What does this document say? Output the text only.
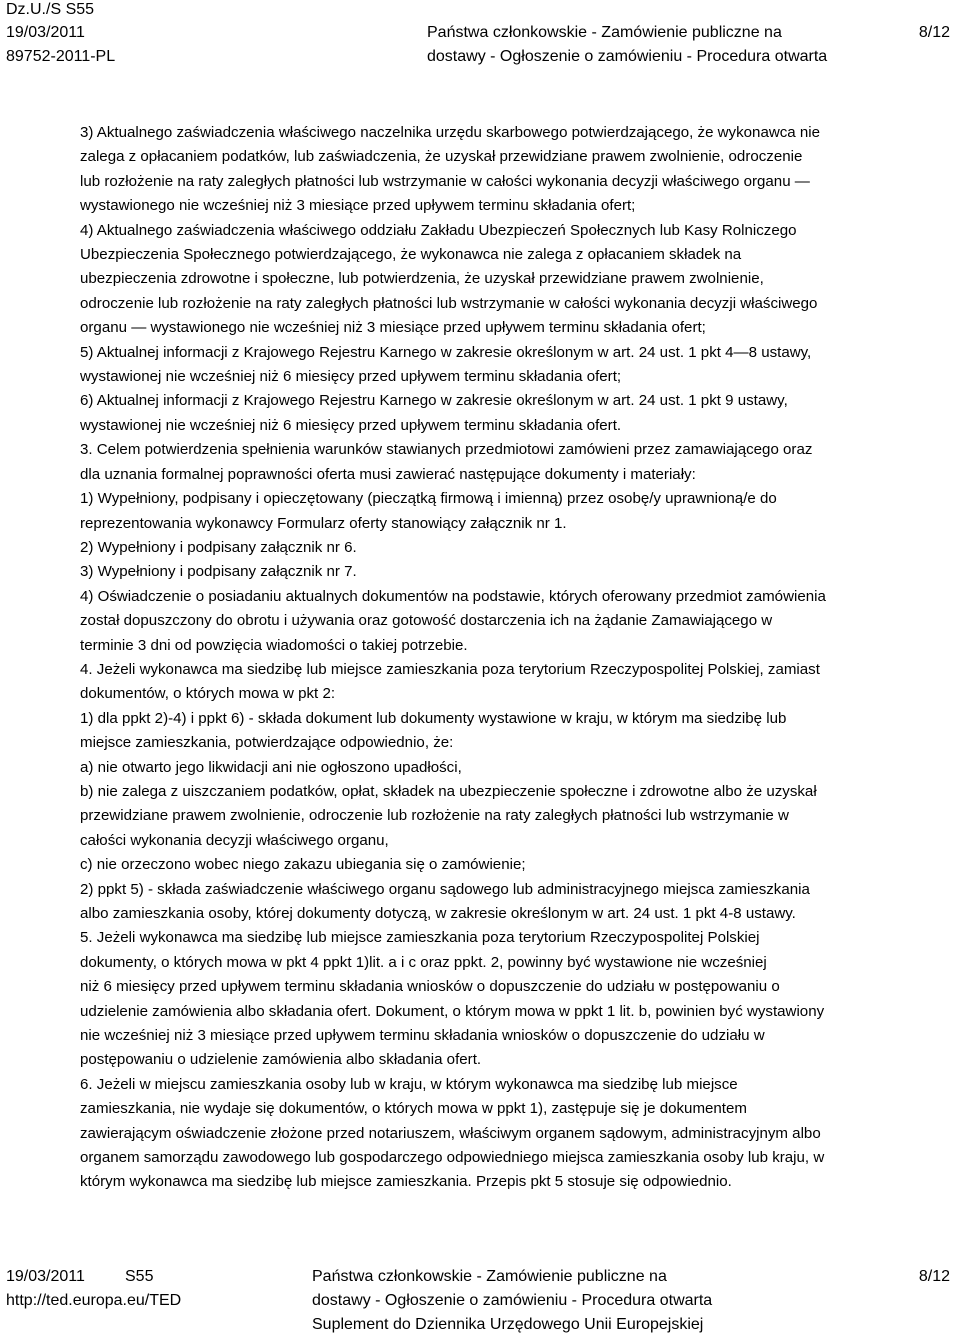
Dz.U./S S55
19/03/2011
89752-2011-PL
Państwa członkowskie - Zamówienie publiczne na
dostawy - Ogłoszenie o zamówieniu - Procedura otwarta
8/12

3) Aktualnego zaświadczenia właściwego naczelnika urzędu skarbowego potwierdzającego, że wykonawca nie

zalega z opłacaniem podatków, lub zaświadczenia, że uzyskał przewidziane prawem zwolnienie, odroczenie

lub rozłożenie na raty zaległych płatności lub wstrzymanie w całości wykonania decyzji właściwego organu —

wystawionego nie wcześniej niż 3 miesiące przed upływem terminu składania ofert;

4) Aktualnego zaświadczenia właściwego oddziału Zakładu Ubezpieczeń Społecznych lub Kasy Rolniczego

Ubezpieczenia Społecznego potwierdzającego, że wykonawca nie zalega z opłacaniem składek na

ubezpieczenia zdrowotne i społeczne, lub potwierdzenia, że uzyskał przewidziane prawem zwolnienie,

odroczenie lub rozłożenie na raty zaległych płatności lub wstrzymanie w całości wykonania decyzji właściwego

organu — wystawionego nie wcześniej niż 3 miesiące przed upływem terminu składania ofert;

5) Aktualnej informacji z Krajowego Rejestru Karnego w zakresie określonym w art. 24 ust. 1 pkt 4—8 ustawy,

wystawionej nie wcześniej niż 6 miesięcy przed upływem terminu składania ofert;

6) Aktualnej informacji z Krajowego Rejestru Karnego w zakresie określonym w art. 24 ust. 1 pkt 9 ustawy,

wystawionej nie wcześniej niż 6 miesięcy przed upływem terminu składania ofert.

3. Celem potwierdzenia spełnienia warunków stawianych przedmiotowi zamówieni przez zamawiającego oraz

dla uznania formalnej poprawności oferta musi zawierać następujące dokumenty i materiały:

1) Wypełniony, podpisany i opieczętowany (pieczątką firmową i imienną) przez osobę/y uprawnioną/e do

reprezentowania wykonawcy Formularz oferty stanowiący załącznik nr 1.

2) Wypełniony i podpisany załącznik nr 6.

3) Wypełniony i podpisany załącznik nr 7.

4) Oświadczenie o posiadaniu aktualnych dokumentów na podstawie, których oferowany przedmiot zamówienia

został dopuszczony do obrotu i używania oraz gotowość dostarczenia ich na żądanie Zamawiającego w

terminie 3 dni od powzięcia wiadomości o takiej potrzebie.

4. Jeżeli wykonawca ma siedzibę lub miejsce zamieszkania poza terytorium Rzeczypospolitej Polskiej, zamiast

dokumentów, o których mowa w pkt 2:

1) dla ppkt 2)-4) i ppkt 6) - składa dokument lub dokumenty wystawione w kraju, w którym ma siedzibę lub

miejsce zamieszkania, potwierdzające odpowiednio, że:

a) nie otwarto jego likwidacji ani nie ogłoszono upadłości,

b) nie zalega z uiszczaniem podatków, opłat, składek na ubezpieczenie społeczne i zdrowotne albo że uzyskał

przewidziane prawem zwolnienie, odroczenie lub rozłożenie na raty zaległych płatności lub wstrzymanie w

całości wykonania decyzji właściwego organu,

c) nie orzeczono wobec niego zakazu ubiegania się o zamówienie;

2) ppkt 5) - składa zaświadczenie właściwego organu sądowego lub administracyjnego miejsca zamieszkania

albo zamieszkania osoby, której dokumenty dotyczą, w zakresie określonym w art. 24 ust. 1 pkt 4-8 ustawy.

5. Jeżeli wykonawca ma siedzibę lub miejsce zamieszkania poza terytorium Rzeczypospolitej Polskiej

dokumenty, o których mowa w pkt 4 ppkt 1)lit. a i c oraz ppkt. 2, powinny być wystawione nie wcześniej

niż 6 miesięcy przed upływem terminu składania wniosków o dopuszczenie do udziału w postępowaniu o

udzielenie zamówienia albo składania ofert. Dokument, o którym mowa w ppkt 1 lit. b, powinien być wystawiony

nie wcześniej niż 3 miesiące przed upływem terminu składania wniosków o dopuszczenie do udziału w

postępowaniu o udzielenie zamówienia albo składania ofert.

6. Jeżeli w miejscu zamieszkania osoby lub w kraju, w którym wykonawca ma siedzibę lub miejsce

zamieszkania, nie wydaje się dokumentów, o których mowa w ppkt 1), zastępuje się je dokumentem

zawierającym oświadczenie złożone przed notariuszem, właściwym organem sądowym, administracyjnym albo

organem samorządu zawodowego lub gospodarczego odpowiedniego miejsca zamieszkania osoby lub kraju, w

którym wykonawca ma siedzibę lub miejsce zamieszkania. Przepis pkt 5 stosuje się odpowiednio.

19/03/2011	S55
http://ted.europa.eu/TED
Państwa członkowskie - Zamówienie publiczne na
dostawy - Ogłoszenie o zamówieniu - Procedura otwarta
Suplement do Dziennika Urzędowego Unii Europejskiej
8/12
